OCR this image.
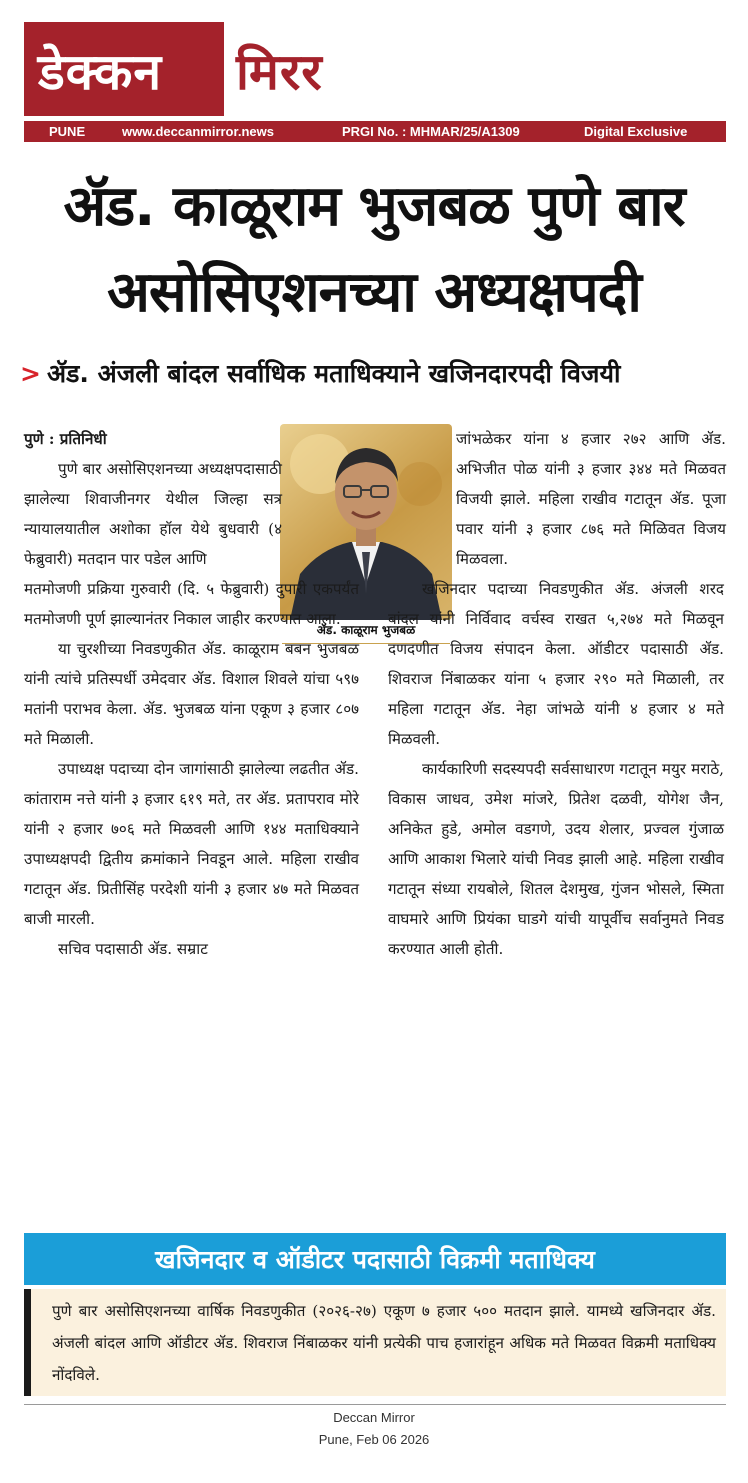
डेक्कन मिरर
PUNE	www.deccanmirror.news	PRGI No. : MHMAR/25/A1309	Digital Exclusive
ॲड. काळूराम भुजबळ पुणे बार
असोसिएशनच्या अध्यक्षपदी
> ॲड. अंजली बांदल सर्वाधिक मताधिक्याने खजिनदारपदी विजयी
ॲड. काळूराम भुजबळ

पुणे : प्रतिनिधी

पुणे बार असोसिएशनच्या अध्यक्षपदासाठी झालेल्या शिवाजीनगर येथील जिल्हा सत्र न्यायालयातील अशोका हॉल येथे बुधवारी (४ फेब्रुवारी) मतदान पार पडेल आणि

मतमोजणी प्रक्रिया गुरुवारी (दि. ५ फेब्रुवारी) दुपारी एकपर्यंत मतमोजणी पूर्ण झाल्यानंतर निकाल जाहीर करण्यात आला.

या चुरशीच्या निवडणुकीत ॲड. काळूराम बबन भुजबळ यांनी त्यांचे प्रतिस्पर्धी उमेदवार ॲड. विशाल शिवले यांचा ५९७ मतांनी पराभव केला. ॲड. भुजबळ यांना एकूण ३ हजार ८०७ मते मिळाली.

उपाध्यक्ष पदाच्या दोन जागांसाठी झालेल्या लढतीत ॲड. कांताराम नत्ते यांनी ३ हजार ६१९ मते, तर ॲड. प्रतापराव मोरे यांनी २ हजार ७०६ मते मिळवली आणि १४४ मताधिक्याने उपाध्यक्षपदी द्वितीय क्रमांकाने निवडून आले. महिला राखीव गटातून ॲड. प्रितीसिंह परदेशी यांनी ३ हजार ४७ मते मिळवत बाजी मारली.

सचिव पदासाठी ॲड. सम्राट

जांभळेकर यांना ४ हजार २७२ आणि ॲड. अभिजीत पोळ यांनी ३ हजार ३४४ मते मिळवत विजयी झाले. महिला राखीव गटातून ॲड. पूजा पवार यांनी ३ हजार ८७६ मते मिळिवत विजय मिळवला.

खजिनदार पदाच्या निवडणुकीत ॲड. अंजली शरद बांदल यांनी निर्विवाद वर्चस्व राखत ५,२७४ मते मिळवून दणदणीत विजय संपादन केला. ऑडीटर पदासाठी ॲड. शिवराज निंबाळकर यांना ५ हजार २९० मते मिळाली, तर महिला गटातून ॲड. नेहा जांभळे यांनी ४ हजार ४ मते मिळवली.

कार्यकारिणी सदस्यपदी सर्वसाधारण गटातून मयुर मराठे, विकास जाधव, उमेश मांजरे, प्रितेश दळवी, योगेश जैन, अनिकेत हुडे, अमोल वडगणे, उदय शेलार, प्रज्वल गुंजाळ आणि आकाश भिलारे यांची निवड झाली आहे. महिला राखीव गटातून संध्या रायबोले, शितल देशमुख, गुंजन भोसले, स्मिता वाघमारे आणि प्रियंका घाडगे यांची यापूर्वीच सर्वानुमते निवड करण्यात आली होती.

खजिनदार व ऑडीटर पदासाठी विक्रमी मताधिक्य
पुणे बार असोसिएशनच्या वार्षिक निवडणुकीत (२०२६-२७) एकूण ७ हजार ५०० मतदान झाले. यामध्ये खजिनदार ॲड. अंजली बांदल आणि ऑडीटर ॲड. शिवराज निंबाळकर यांनी प्रत्येकी पाच हजारांहून अधिक मते मिळवत विक्रमी मताधिक्य नोंदविले.
Deccan Mirror
Pune, Feb 06 2026
